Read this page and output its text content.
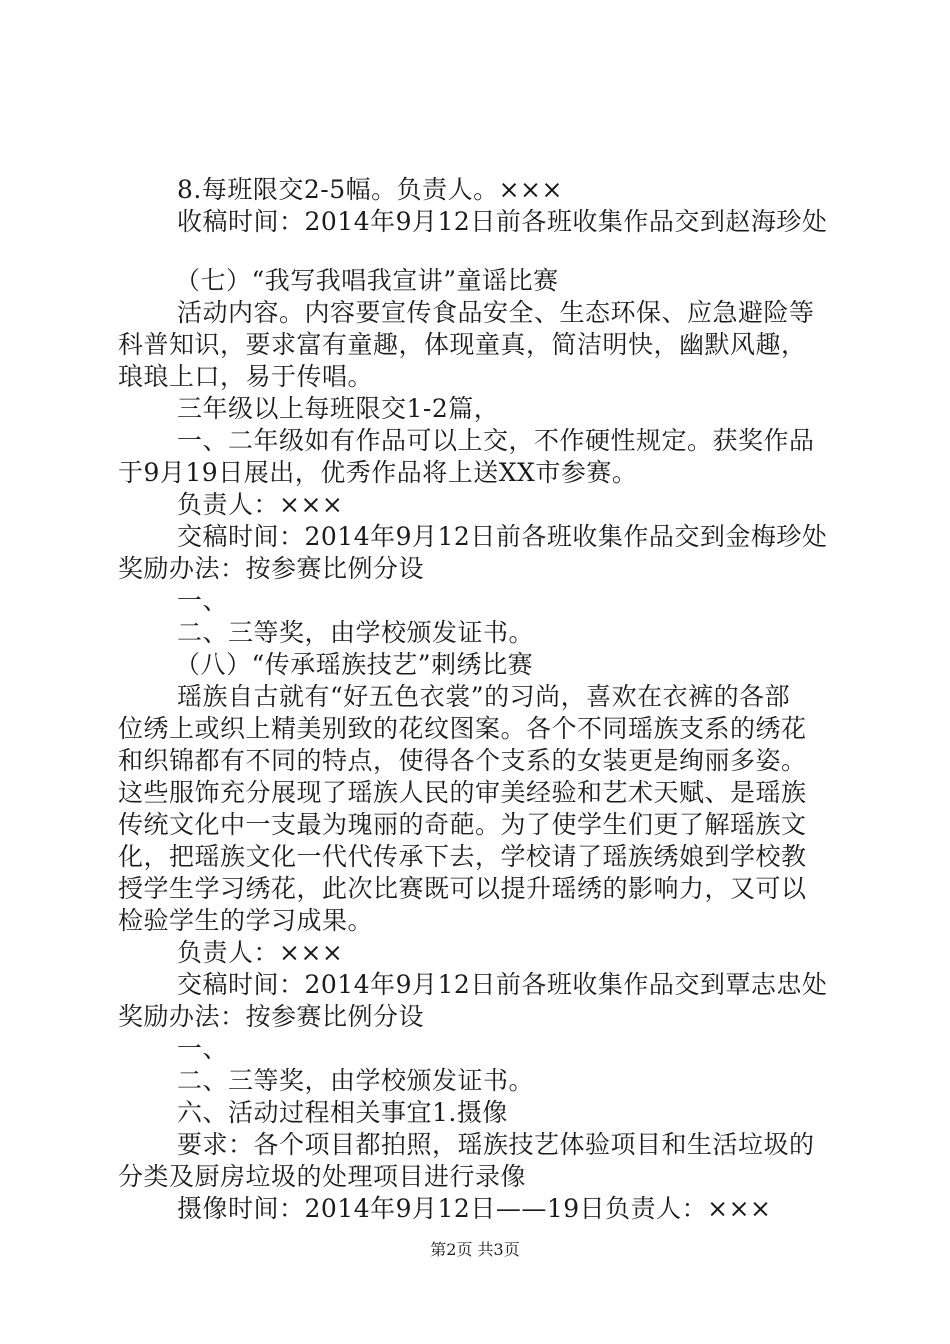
8.每班限交2-5幅。负责人。×××
收稿时间：2014年9月12日前各班收集作品交到赵海珍处
（七）“我写我唱我宣讲”童谣比赛
活动内容。内容要宣传食品安全、生态环保、应急避险等
科普知识，要求富有童趣，体现童真，简洁明快，幽默风趣，
琅琅上口，易于传唱。
三年级以上每班限交1-2篇，
一、二年级如有作品可以上交，不作硬性规定。获奖作品
于9月19日展出，优秀作品将上送XX市参赛。
负责人：×××
交稿时间：2014年9月12日前各班收集作品交到金梅珍处
奖励办法：按参赛比例分设
一、
二、三等奖，由学校颁发证书。
（八）“传承瑶族技艺”刺绣比赛
瑶族自古就有“好五色衣裳”的习尚，喜欢在衣裤的各部
位绣上或织上精美别致的花纹图案。各个不同瑶族支系的绣花
和织锦都有不同的特点，使得各个支系的女装更是绚丽多姿。
这些服饰充分展现了瑶族人民的审美经验和艺术天赋、是瑶族
传统文化中一支最为瑰丽的奇葩。为了使学生们更了解瑶族文
化，把瑶族文化一代代传承下去，学校请了瑶族绣娘到学校教
授学生学习绣花，此次比赛既可以提升瑶绣的影响力，又可以
检验学生的学习成果。
负责人：×××
交稿时间：2014年9月12日前各班收集作品交到覃志忠处
奖励办法：按参赛比例分设
一、
二、三等奖，由学校颁发证书。
六、活动过程相关事宜1.摄像
要求：各个项目都拍照，瑶族技艺体验项目和生活垃圾的
分类及厨房垃圾的处理项目进行录像
摄像时间：2014年9月12日——19日负责人：×××
第2页 共3页
